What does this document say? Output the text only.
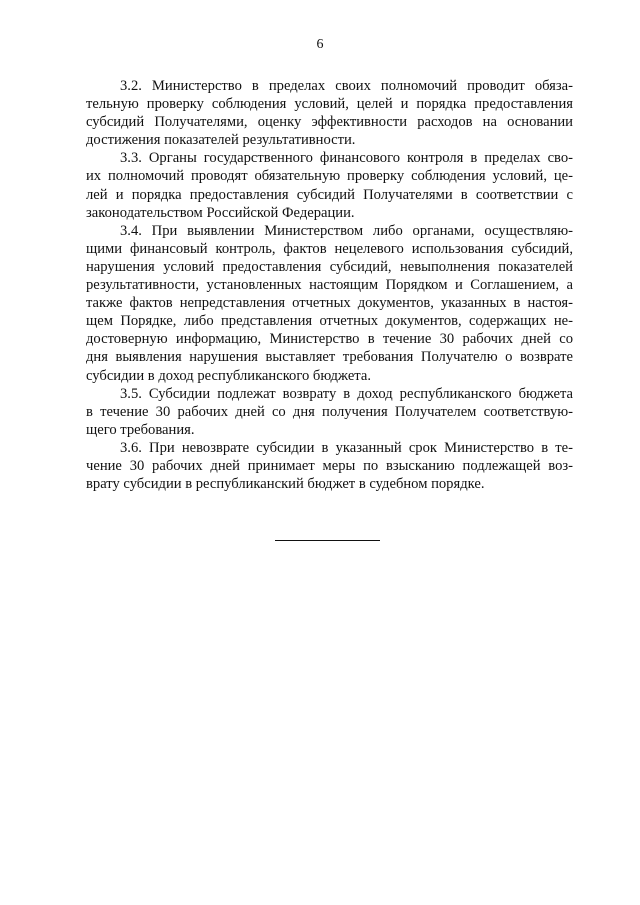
6

3.2. Министерство в пределах своих полномочий проводит обяза-
тельную проверку соблюдения условий, целей и порядка предоставления
субсидий Получателями, оценку эффективности расходов на основании
достижения показателей результативности.

3.3. Органы государственного финансового контроля в пределах сво-
их полномочий проводят обязательную проверку соблюдения условий, це-
лей и порядка предоставления субсидий Получателями в соответствии с
законодательством Российской Федерации.

3.4. При выявлении Министерством либо органами, осуществляю-
щими финансовый контроль, фактов нецелевого использования субсидий,
нарушения условий предоставления субсидий, невыполнения показателей
результативности, установленных настоящим Порядком и Соглашением, а
также фактов непредставления отчетных документов, указанных в настоя-
щем Порядке, либо представления отчетных документов, содержащих не-
достоверную информацию, Министерство в течение 30 рабочих дней со
дня выявления нарушения выставляет требования Получателю о возврате
субсидии в доход республиканского бюджета.

3.5. Субсидии подлежат возврату в доход республиканского бюджета
в течение 30 рабочих дней со дня получения Получателем соответствую-
щего требования.

3.6. При невозврате субсидии в указанный срок Министерство в те-
чение 30 рабочих дней принимает меры по взысканию подлежащей воз-
врату субсидии в республиканский бюджет в судебном порядке.
